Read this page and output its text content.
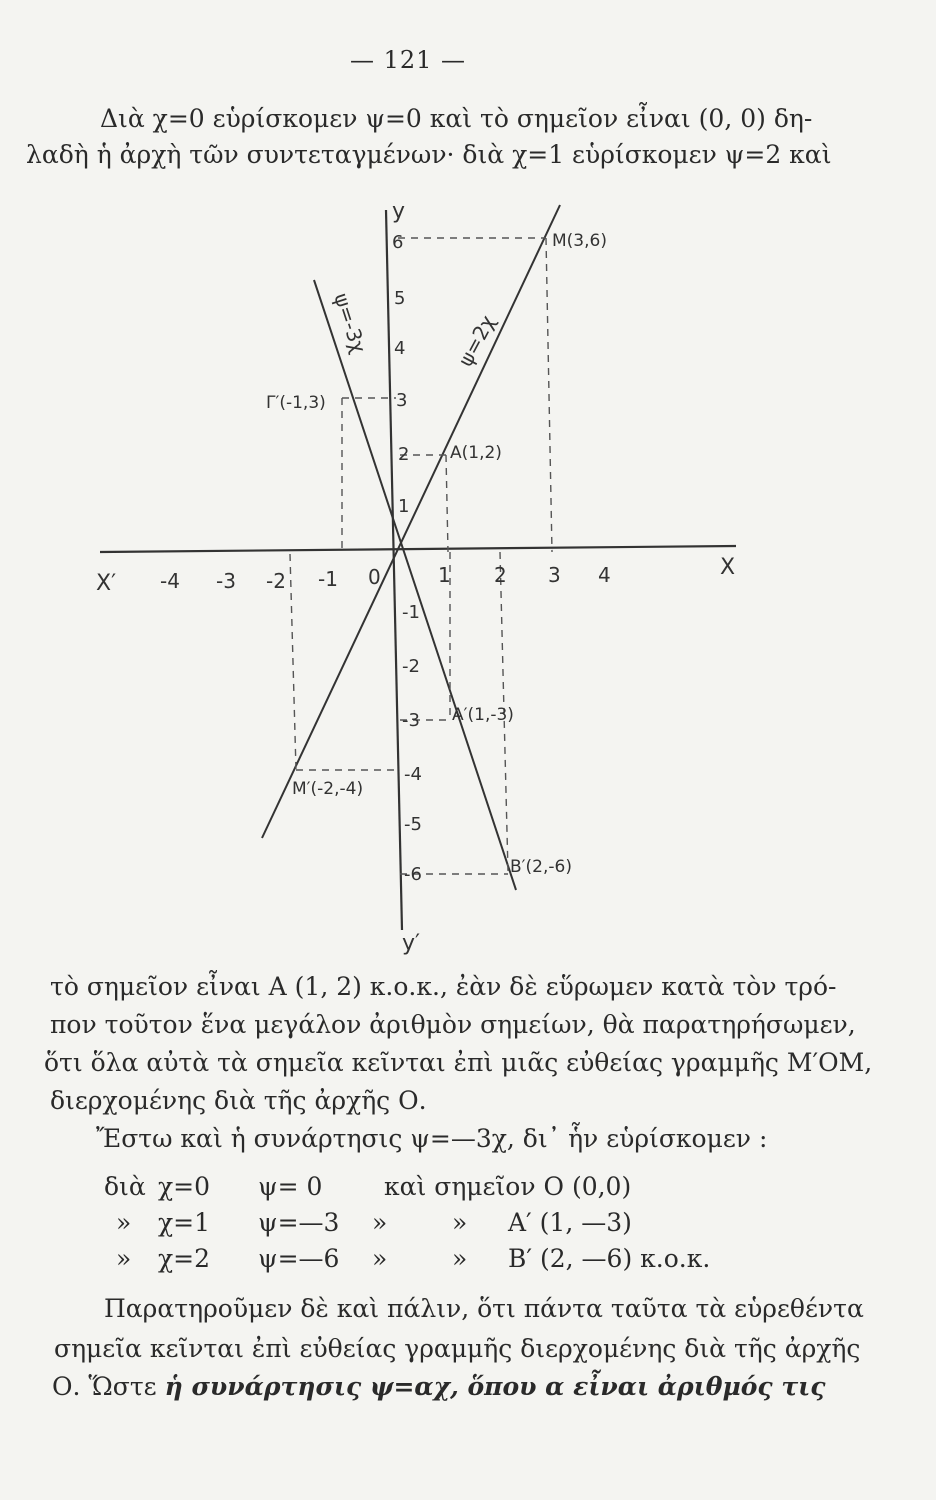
— 121 —
Διὰ χ=0 εὑρίσκομεν ψ=0 καὶ τὸ σημεῖον εἶναι (0, 0) δη-
λαδὴ ἡ ἀρχὴ τῶν συντεταγμένων· διὰ χ=1 εὑρίσκομεν ψ=2 καὶ
y
y′
X
X′	0
-4 -3 -2 -1	1 2 3 4
6
5
4
3
2
1
-1
-2
-3
-4
-5
-6
ψ=2χ
ψ=-3χ
M(3,6)
A(1,2)
Γ′(-1,3)
A′(1,-3)
M′(-2,-4)
B′(2,-6)
τὸ σημεῖον εἶναι A (1, 2) κ.ο.κ., ἐὰν δὲ εὕρωμεν κατὰ τὸν τρό-
πον τοῦτον ἕνα μεγάλον ἀριθμὸν σημείων, θὰ παρατηρήσωμεν,
ὅτι ὅλα αὐτὰ τὰ σημεῖα κεῖνται ἐπὶ μιᾶς εὐθείας γραμμῆς Μ′ΟΜ,
διερχομένης διὰ τῆς ἀρχῆς Ο.
Ἔστω καὶ ἡ συνάρτησις ψ=—3χ, δι᾽ ἧν εὑρίσκομεν :
διὰ χ=0 ψ= 0 καὶ σημεῖον O (0,0)
» χ=1 ψ=—3 »	» A′ (1, —3)
» χ=2 ψ=—6 »	» B′ (2, —6) κ.ο.κ.
Παρατηροῦμεν δὲ καὶ πάλιν, ὅτι πάντα ταῦτα τὰ εὑρεθέντα
σημεῖα κεῖνται ἐπὶ εὐθείας γραμμῆς διερχομένης διὰ τῆς ἀρχῆς
Ο. Ὥστε ἡ συνάρτησις ψ=αχ, ὅπου α εἶναι ἀριθμός τις
